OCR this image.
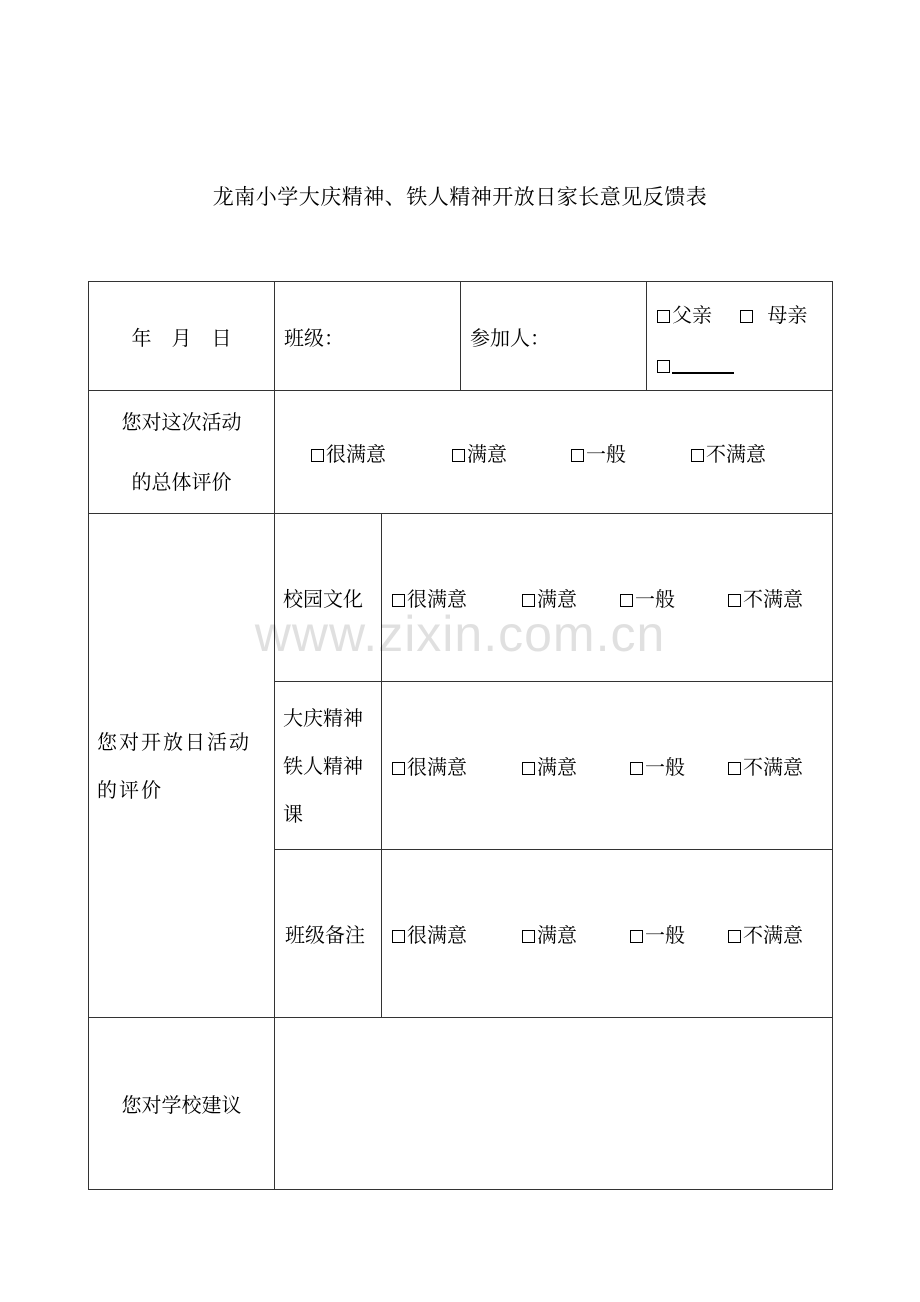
龙南小学大庆精神、铁人精神开放日家长意见反馈表
年　月　日	班级：		参加人：	父亲 母亲

您对这次活动
的总体评价	很满意 满意 一般 不满意			

您对开放日活动
的评价	校园文化	很满意 满意 一般 不满意		

	大庆精神
铁人精神
课	很满意 满意 一般 不满意		
	班级备注	很满意 满意 一般 不满意		
您对学校建议				
www.zixin.com.cn
